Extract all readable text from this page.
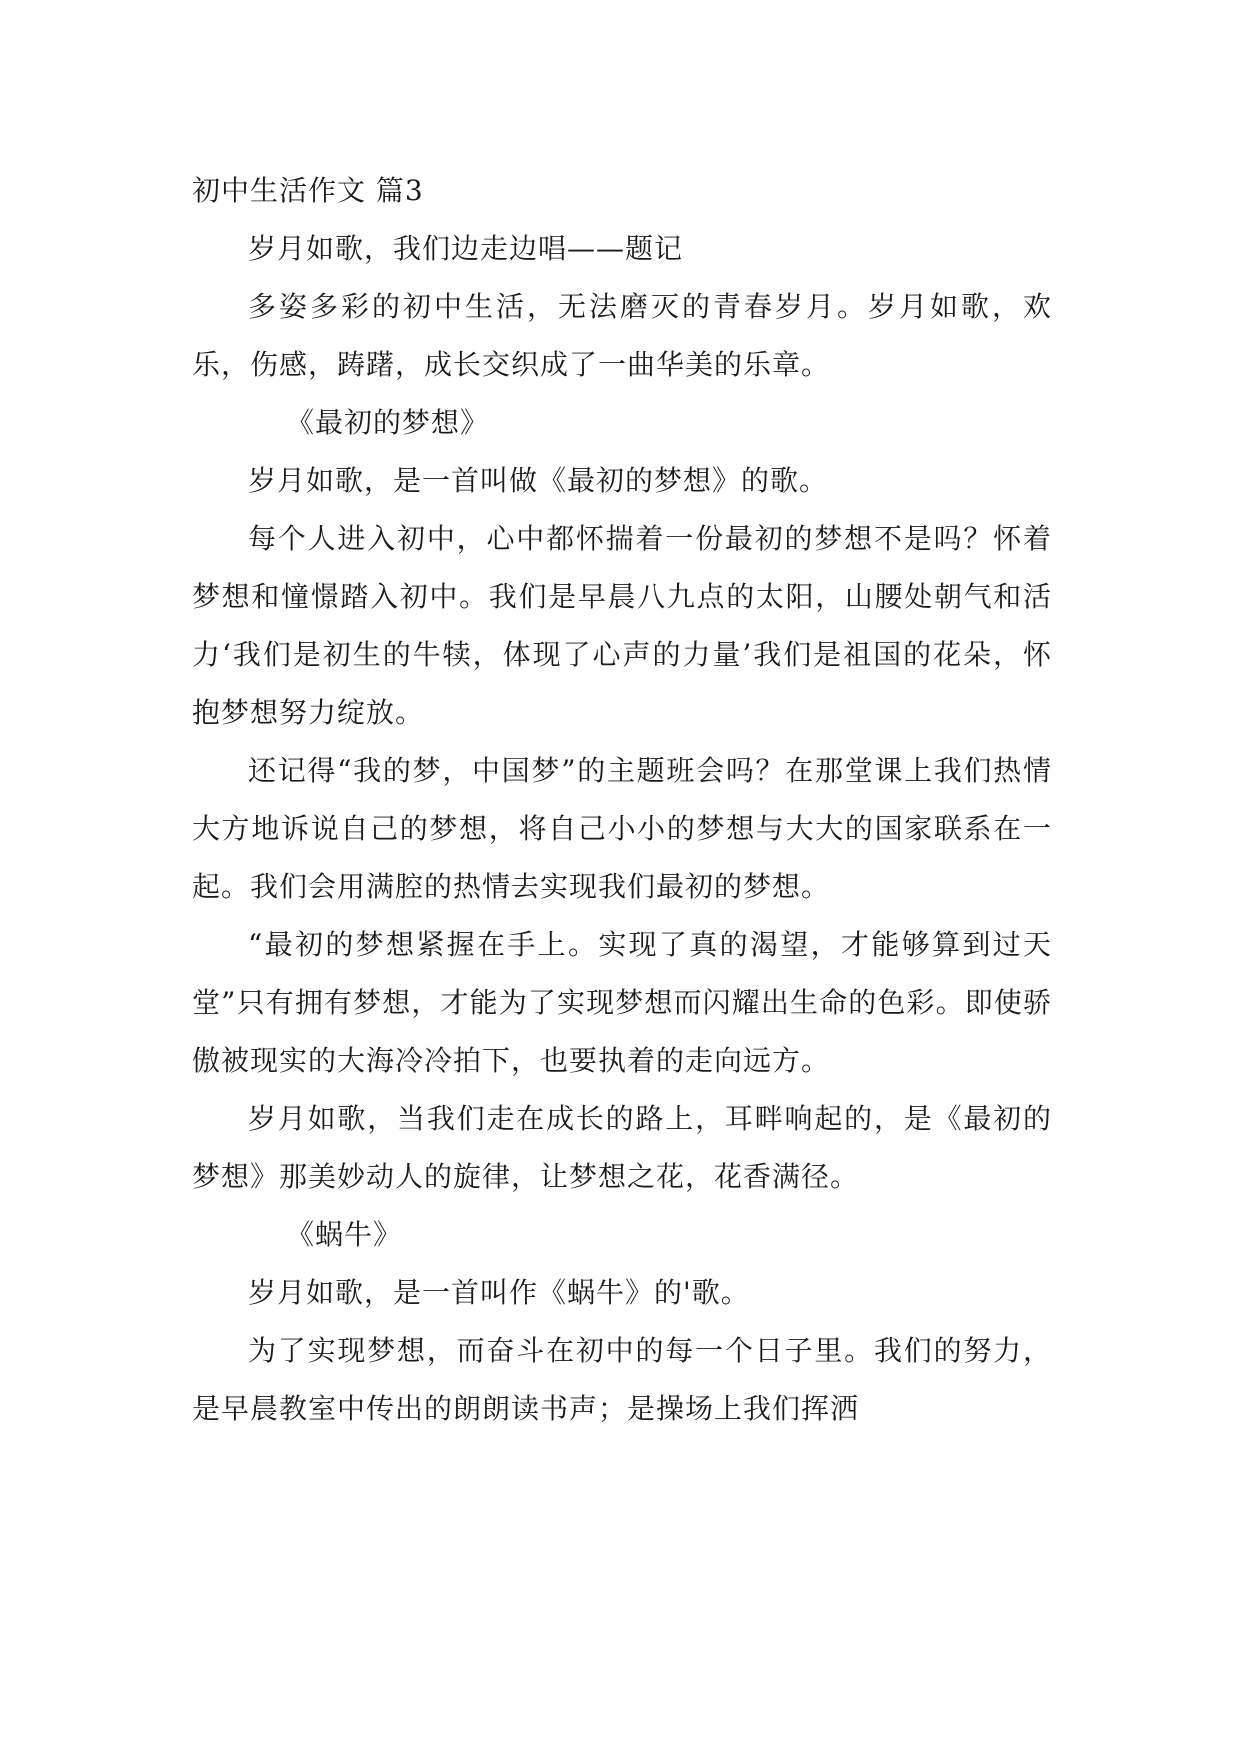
初中生活作文 篇3

岁月如歌，我们边走边唱——题记

多姿多彩的初中生活，无法磨灭的青春岁月。岁月如歌，欢乐，伤感，踌躇，成长交织成了一曲华美的乐章。

《最初的梦想》

岁月如歌，是一首叫做《最初的梦想》的歌。

每个人进入初中，心中都怀揣着一份最初的梦想不是吗？怀着梦想和憧憬踏入初中。我们是早晨八九点的太阳，山腰处朝气和活力‘我们是初生的牛犊，体现了心声的力量’我们是祖国的花朵，怀抱梦想努力绽放。

还记得“我的梦，中国梦”的主题班会吗？在那堂课上我们热情大方地诉说自己的梦想，将自己小小的梦想与大大的国家联系在一起。我们会用满腔的热情去实现我们最初的梦想。

“最初的梦想紧握在手上。实现了真的渴望，才能够算到过天堂”只有拥有梦想，才能为了实现梦想而闪耀出生命的色彩。即使骄傲被现实的大海冷冷拍下，也要执着的走向远方。

岁月如歌，当我们走在成长的路上，耳畔响起的，是《最初的梦想》那美妙动人的旋律，让梦想之花，花香满径。

《蜗牛》

岁月如歌，是一首叫作《蜗牛》的'歌。

为了实现梦想，而奋斗在初中的每一个日子里。我们的努力，是早晨教室中传出的朗朗读书声；是操场上我们挥洒
